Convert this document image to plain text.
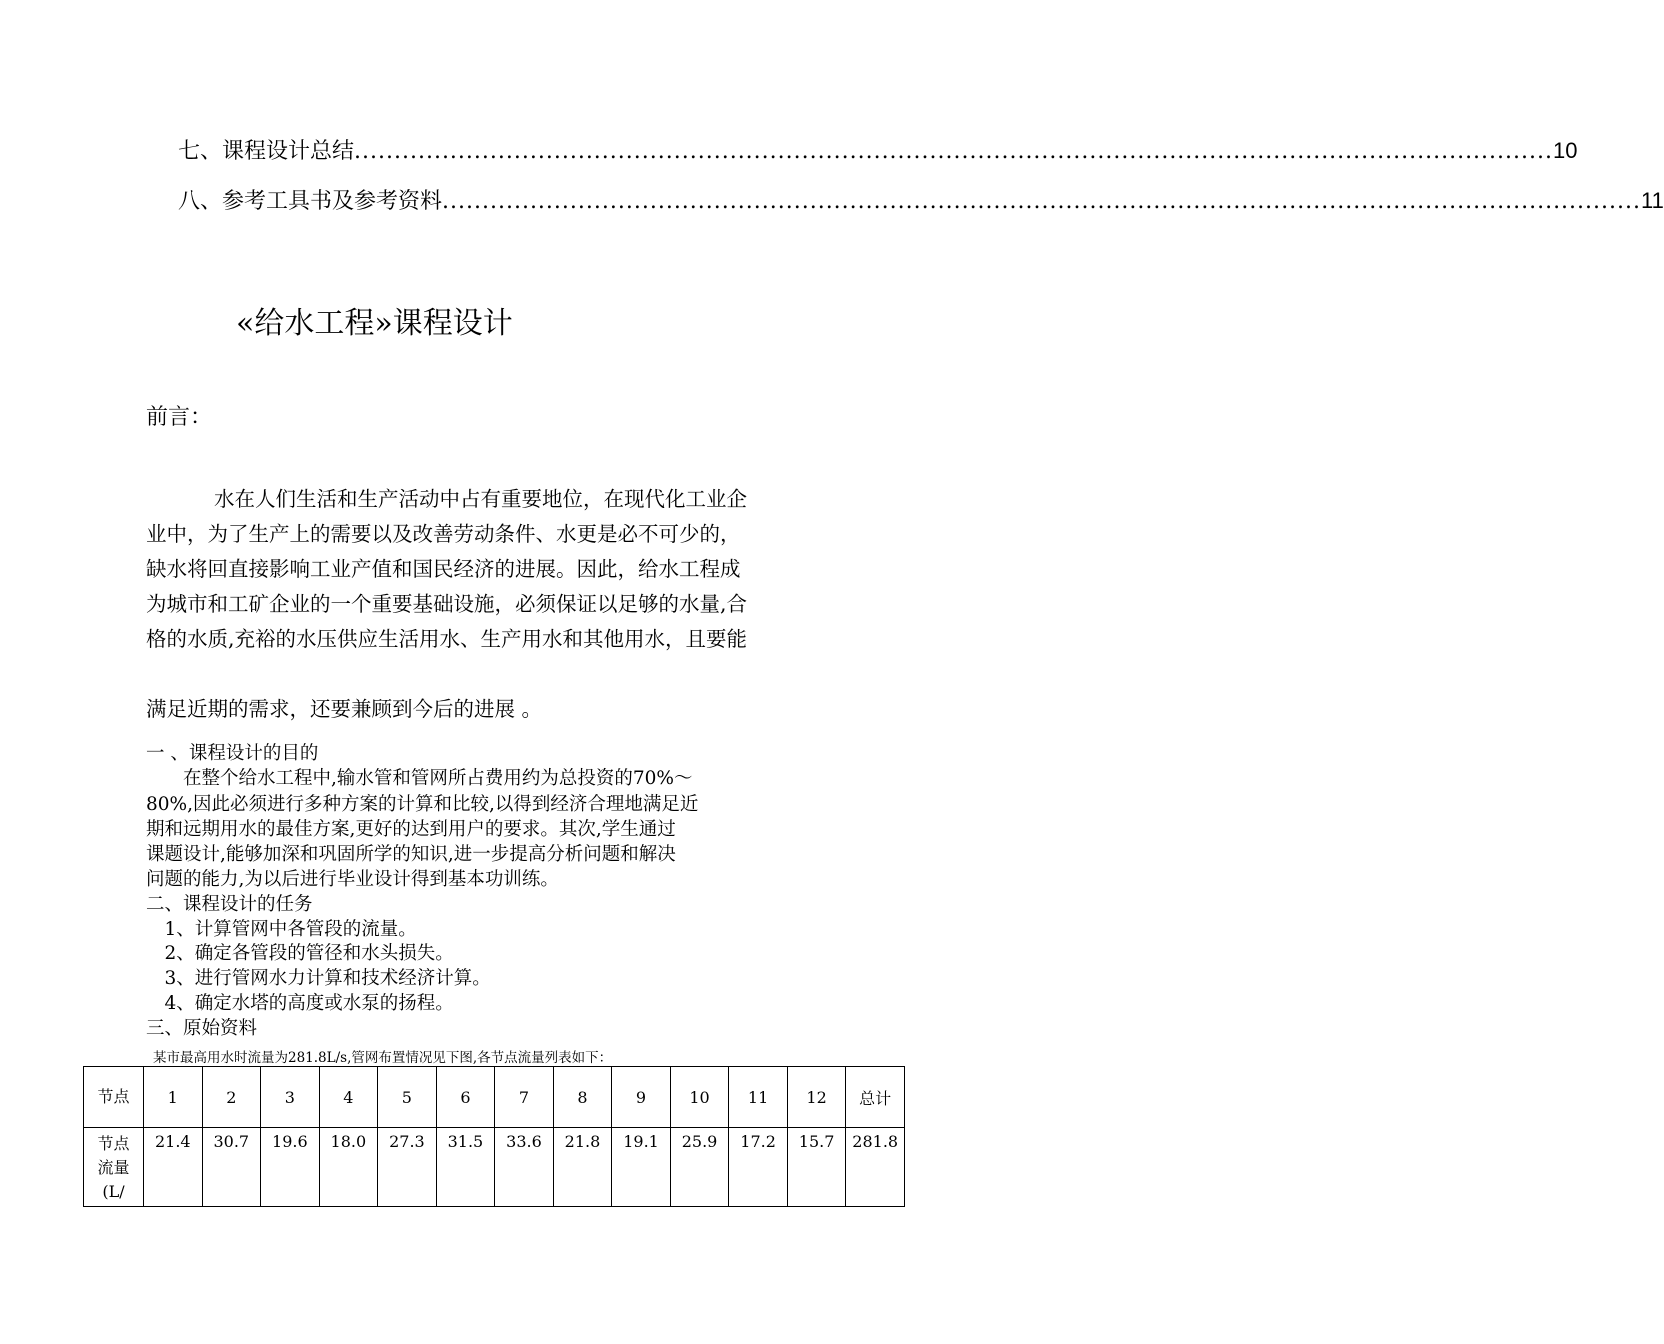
七、课程设计总结 ...................................................................................................................................................... 10
八、参考工具书及参考资料 ...................................................................................................................................................... 11
«给水工程»课程设计
前言：
水在人们生活和生产活动中占有重要地位，在现代化工业企
业中，为了生产上的需要以及改善劳动条件、水更是必不可少的，
缺水将回直接影响工业产值和国民经济的进展。因此，给水工程成
为城市和工矿企业的一个重要基础设施，必须保证以足够的水量,合
格的水质,充裕的水压供应生活用水、生产用水和其他用水，且要能
满足近期的需求，还要兼顾到今后的进展 。
一 、课程设计的目的
　　在整个给水工程中,输水管和管网所占费用约为总投资的70%～
80%,因此必须进行多种方案的计算和比较,以得到经济合理地满足近
期和远期用水的最佳方案,更好的达到用户的要求。其次,学生通过
课题设计,能够加深和巩固所学的知识,进一步提高分析问题和解决
问题的能力,为以后进行毕业设计得到基本功训练。
二、课程设计的任务
　1、计算管网中各管段的流量。
　2、确定各管段的管径和水头损失。
　3、进行管网水力计算和技术经济计算。
　4、确定水塔的高度或水泵的扬程。
三、原始资料
某市最高用水时流量为281.8L/s,管网布置情况见下图,各节点流量列表如下：
节点	1	2	3	4	5	6	7	8	9	10	11	12	总计
节点流量(L/	21.4	30.7	19.6	18.0	27.3	31.5	33.6	21.8	19.1	25.9	17.2	15.7	281.8
